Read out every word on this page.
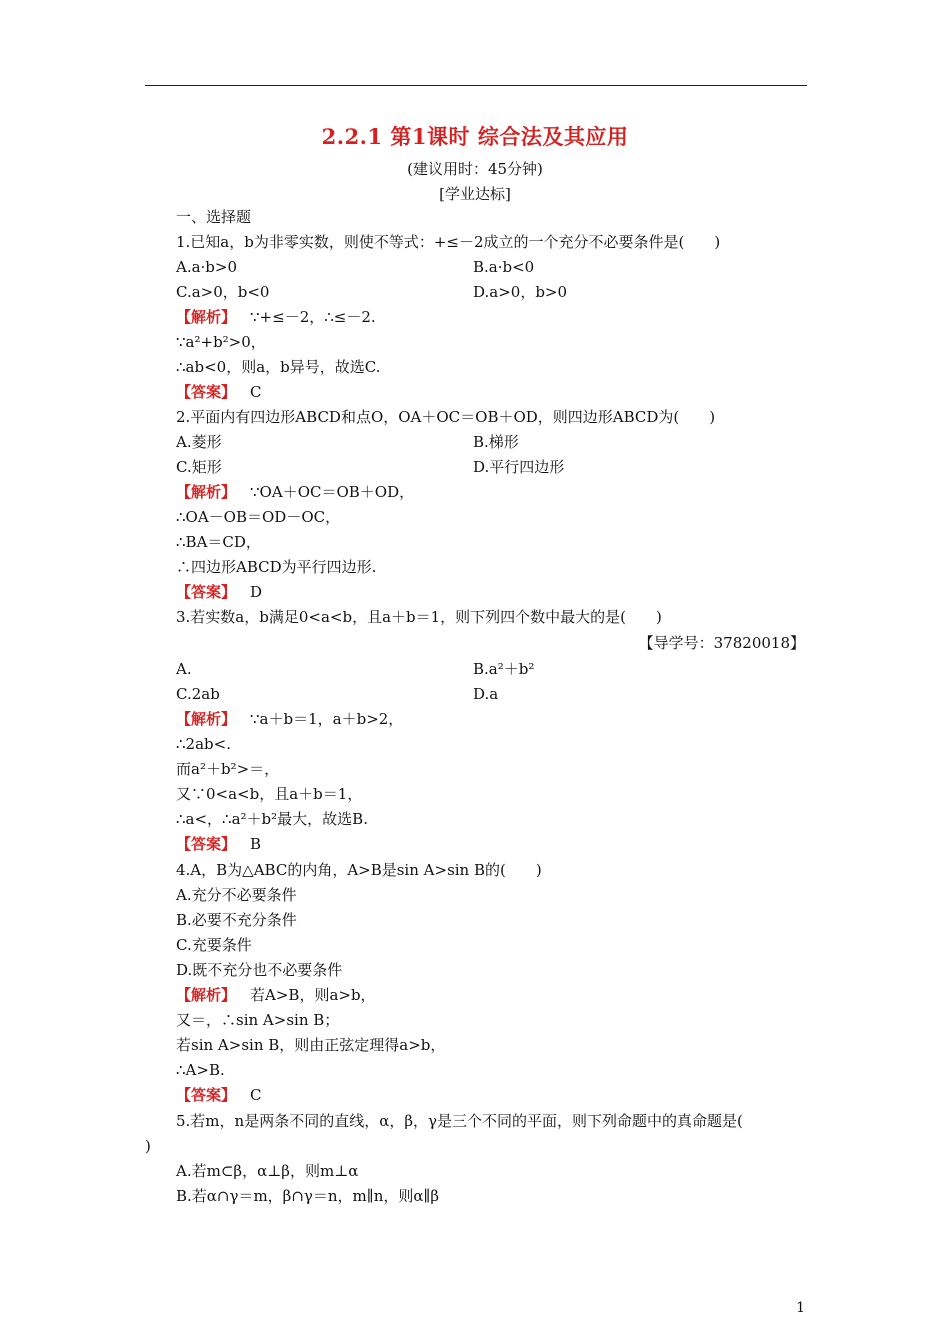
2.2.1 第1课时 综合法及其应用
(建议用时：45分钟)
[学业达标]
一、选择题
1.已知a，b为非零实数，则使不等式：+≤－2成立的一个充分不必要条件是(　　)
A.a·b>0	B.a·b<0
C.a>0，b<0	D.a>0，b>0
【解析】 ∵+≤－2，∴≤－2.
∵a²+b²>0，
∴ab<0，则a，b异号，故选C.
【答案】 C
2.平面内有四边形ABCD和点O，OA＋OC＝OB＋OD，则四边形ABCD为(　　)
A.菱形	B.梯形
C.矩形	D.平行四边形
【解析】 ∵OA＋OC＝OB＋OD，
∴OA－OB＝OD－OC，
∴BA＝CD，
∴四边形ABCD为平行四边形.
【答案】 D
3.若实数a，b满足0<a<b，且a＋b＝1，则下列四个数中最大的是(　　)
【导学号：37820018】
A.	B.a²＋b²
C.2ab	D.a
【解析】 ∵a＋b＝1，a＋b>2，
∴2ab<.
而a²＋b²>＝，
又∵0<a<b，且a＋b＝1，
∴a<，∴a²＋b²最大，故选B.
【答案】 B
4.A，B为△ABC的内角，A>B是sin A>sin B的(　　)
A.充分不必要条件
B.必要不充分条件
C.充要条件
D.既不充分也不必要条件
【解析】 若A>B，则a>b，
又＝，∴sin A>sin B；
若sin A>sin B，则由正弦定理得a>b，
∴A>B.
【答案】 C
5.若m，n是两条不同的直线，α，β，γ是三个不同的平面，则下列命题中的真命题是(
)
A.若m⊂β，α⊥β，则m⊥α
B.若α∩γ＝m，β∩γ＝n，m∥n，则α∥β
1
